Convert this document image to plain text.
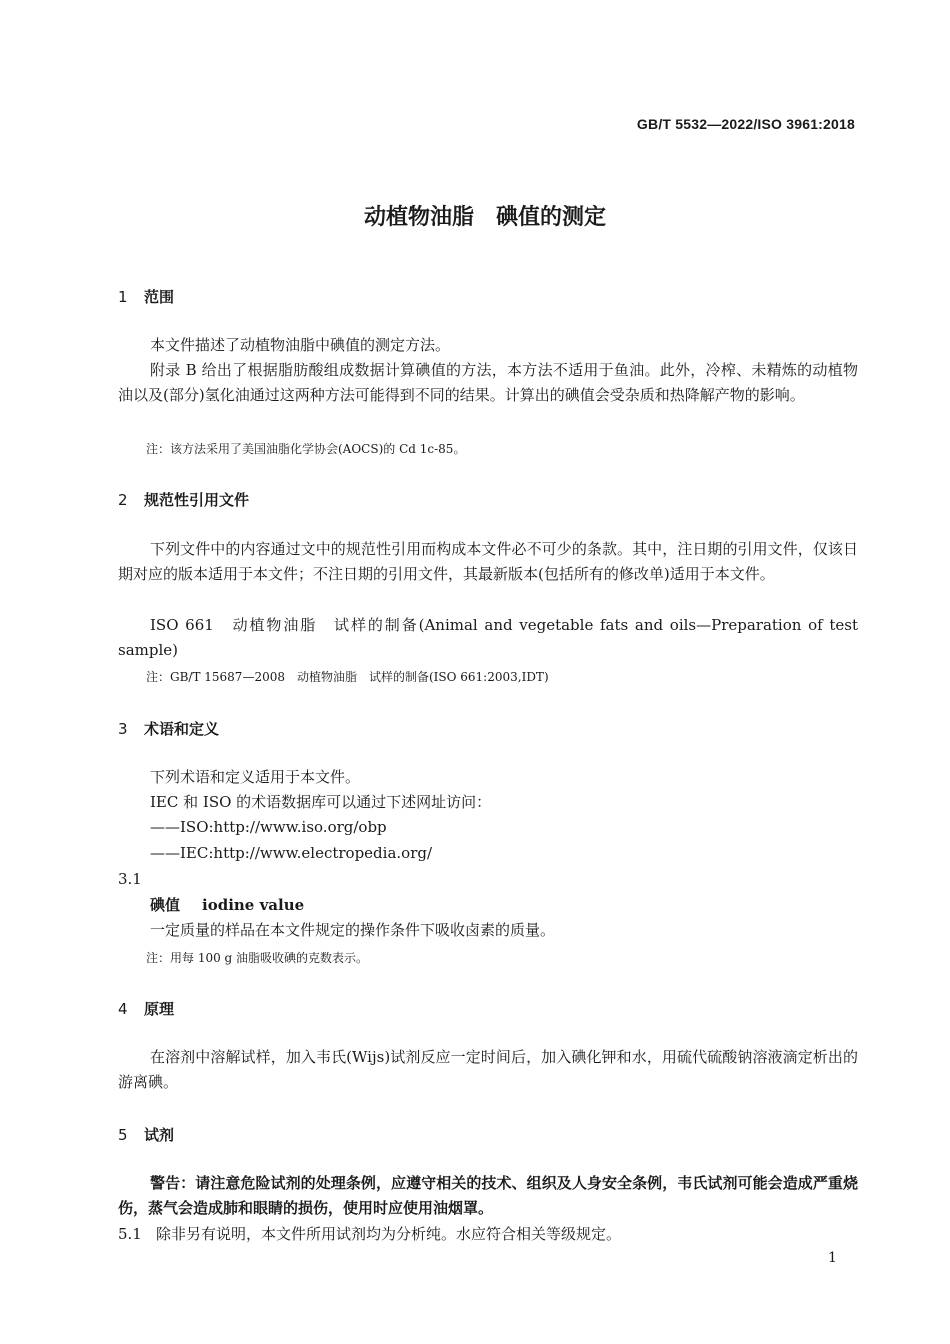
GB/T 5532—2022/ISO 3961:2018
动植物油脂　碘值的测定
1 范围
本文件描述了动植物油脂中碘值的测定方法。
附录 B 给出了根据脂肪酸组成数据计算碘值的方法，本方法不适用于鱼油。此外，冷榨、未精炼的动植物油以及(部分)氢化油通过这两种方法可能得到不同的结果。计算出的碘值会受杂质和热降解产物的影响。
注：该方法采用了美国油脂化学协会(AOCS)的 Cd 1c-85。
2 规范性引用文件
下列文件中的内容通过文中的规范性引用而构成本文件必不可少的条款。其中，注日期的引用文件，仅该日期对应的版本适用于本文件；不注日期的引用文件，其最新版本(包括所有的修改单)适用于本文件。
ISO 661　动植物油脂　试样的制备(Animal and vegetable fats and oils—Preparation of test sample)
注：GB/T 15687—2008　动植物油脂　试样的制备(ISO 661:2003,IDT)
3 术语和定义
下列术语和定义适用于本文件。
IEC 和 ISO 的术语数据库可以通过下述网址访问：
——ISO:http://www.iso.org/obp
——IEC:http://www.electropedia.org/
3.1
碘值 iodine value
一定质量的样品在本文件规定的操作条件下吸收卤素的质量。
注：用每 100 g 油脂吸收碘的克数表示。
4 原理
在溶剂中溶解试样，加入韦氏(Wijs)试剂反应一定时间后，加入碘化钾和水，用硫代硫酸钠溶液滴定析出的游离碘。
5 试剂
警告：请注意危险试剂的处理条例，应遵守相关的技术、组织及人身安全条例，韦氏试剂可能会造成严重烧伤，蒸气会造成肺和眼睛的损伤，使用时应使用油烟罩。
5.1 除非另有说明，本文件所用试剂均为分析纯。水应符合相关等级规定。
1
